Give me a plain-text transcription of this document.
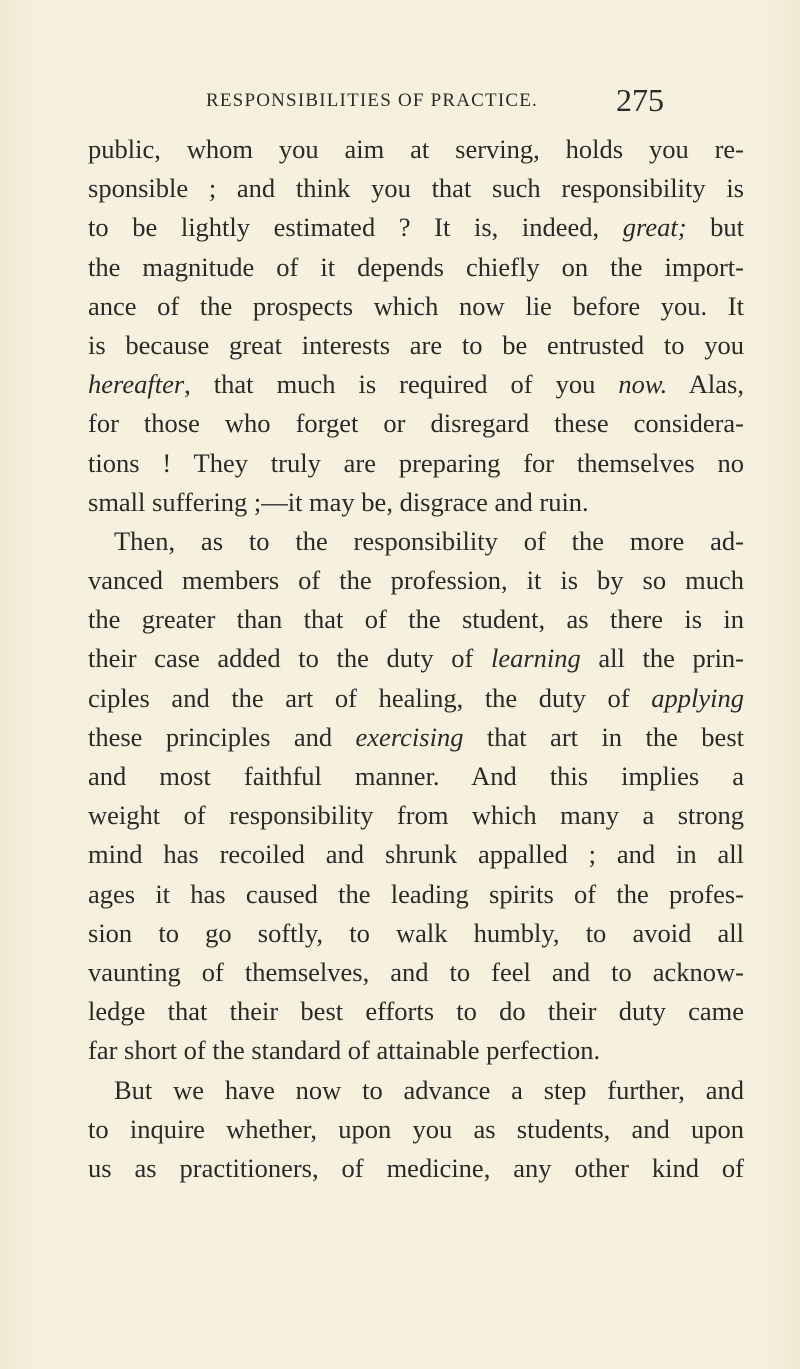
RESPONSIBILITIES OF PRACTICE. 275
public, whom you aim at serving, holds you re-
sponsible ; and think you that such responsibility is
to be lightly estimated ? It is, indeed, great; but
the magnitude of it depends chiefly on the import-
ance of the prospects which now lie before you. It
is because great interests are to be entrusted to you
hereafter, that much is required of you now. Alas,
for those who forget or disregard these considera-
tions ! They truly are preparing for themselves no
small suffering ;—it may be, disgrace and ruin.
Then, as to the responsibility of the more ad-
vanced members of the profession, it is by so much
the greater than that of the student, as there is in
their case added to the duty of learning all the prin-
ciples and the art of healing, the duty of applying
these principles and exercising that art in the best
and most faithful manner. And this implies a
weight of responsibility from which many a strong
mind has recoiled and shrunk appalled ; and in all
ages it has caused the leading spirits of the profes-
sion to go softly, to walk humbly, to avoid all
vaunting of themselves, and to feel and to acknow-
ledge that their best efforts to do their duty came
far short of the standard of attainable perfection.
But we have now to advance a step further, and
to inquire whether, upon you as students, and upon
us as practitioners, of medicine, any other kind of
